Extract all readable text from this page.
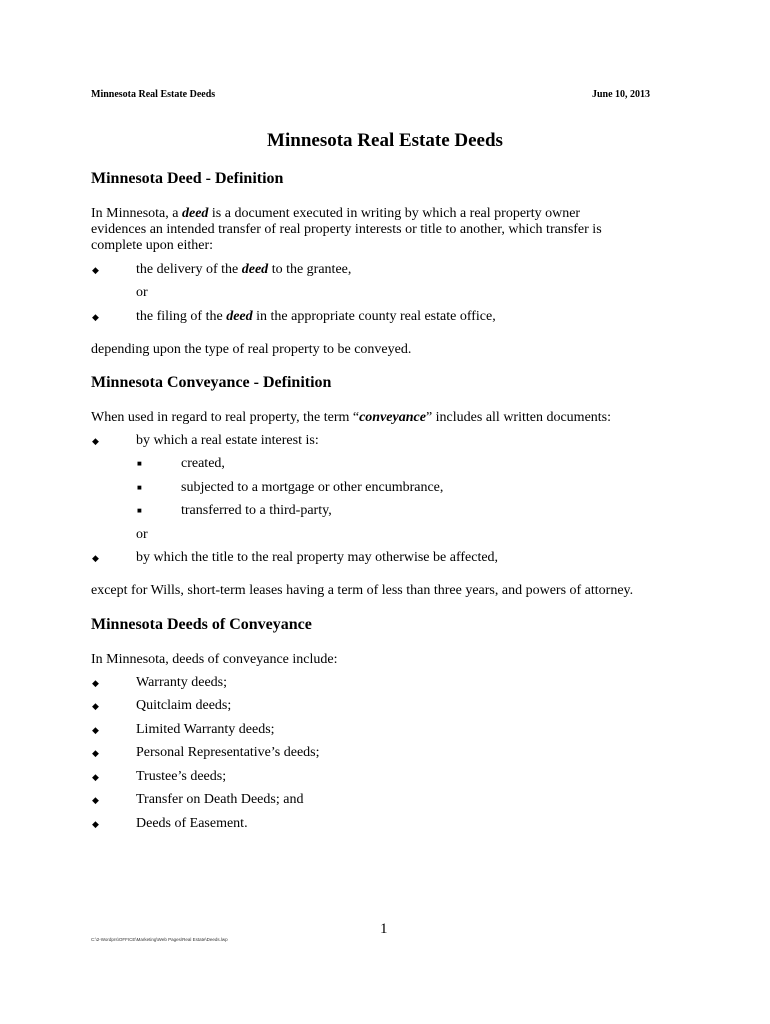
Minnesota Real Estate Deeds	June 10, 2013
Minnesota Real Estate Deeds
Minnesota Deed - Definition
In Minnesota, a deed is a document executed in writing by which a real property owner
evidences an intended transfer of real property interests or title to another, which transfer is
complete upon either:
◆	the delivery of the deed to the grantee,
or
◆	the filing of the deed in the appropriate county real estate office,
depending upon the type of real property to be conveyed.
Minnesota Conveyance - Definition
When used in regard to real property, the term “conveyance” includes all written documents:
◆	by which a real estate interest is:
■	created,
■	subjected to a mortgage or other encumbrance,
■	transferred to a third-party,
or
◆	by which the title to the real property may otherwise be affected,
except for Wills, short-term leases having a term of less than three years, and powers of attorney.
Minnesota Deeds of Conveyance
In Minnesota, deeds of conveyance include:
◆	Warranty deeds;
◆	Quitclaim deeds;
◆	Limited Warranty deeds;
◆	Personal Representative’s deeds;
◆	Trustee’s deeds;
◆	Transfer on Death Deeds; and
◆	Deeds of Easement.
1
C:\2-Wordprs\OFFICE\Marketing\Web Pages\Real Estate\Deeds.lwp
